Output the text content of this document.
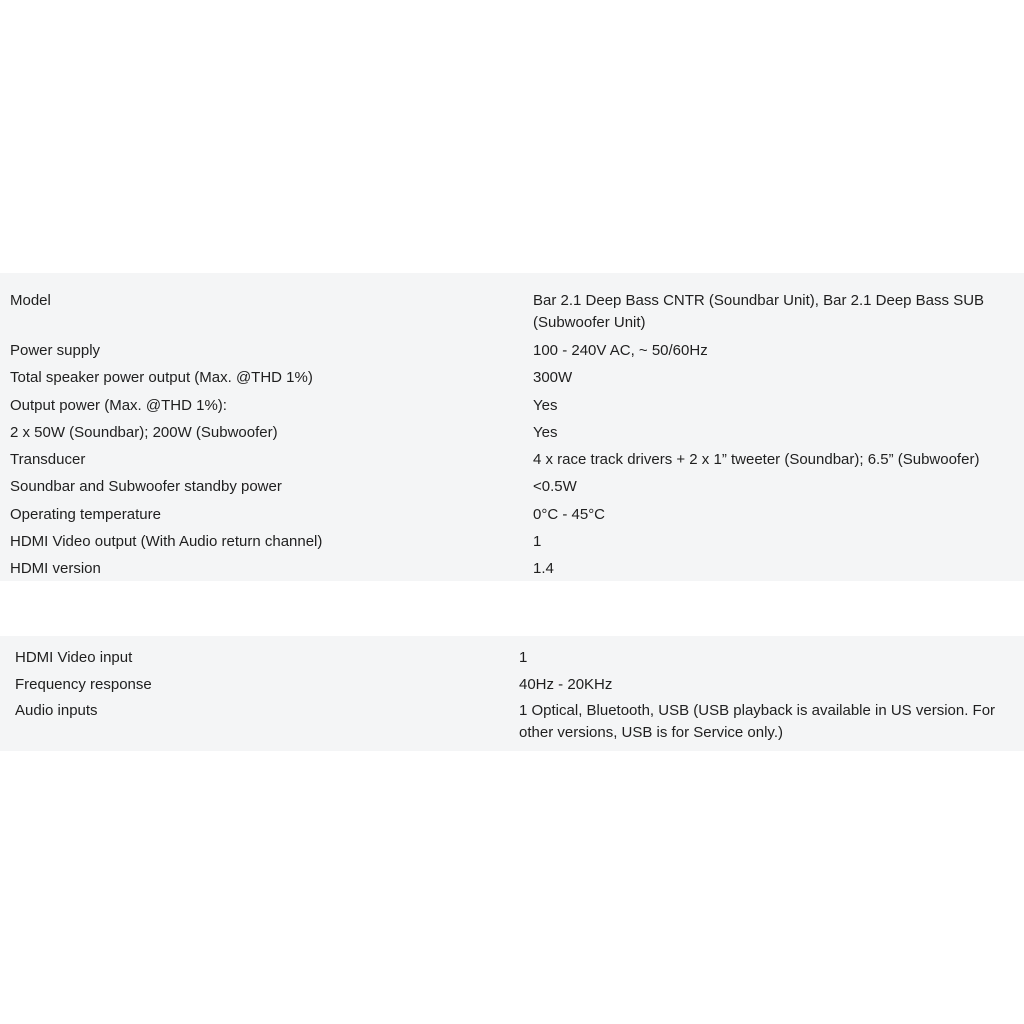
Model	Bar 2.1 Deep Bass CNTR (Soundbar Unit), Bar 2.1 Deep Bass SUB (Subwoofer Unit)
Power supply	100 - 240V AC, ~ 50/60Hz
Total speaker power output (Max. @THD 1%)	300W
Output power (Max. @THD 1%):	Yes
2 x 50W (Soundbar); 200W (Subwoofer)	Yes
Transducer	4 x race track drivers + 2 x 1” tweeter (Soundbar); 6.5” (Subwoofer)
Soundbar and Subwoofer standby power	<0.5W
Operating temperature	0°C - 45°C
HDMI Video output (With Audio return channel)	1
HDMI version	1.4
HDMI Video input	1
Frequency response	40Hz - 20KHz
Audio inputs	1 Optical, Bluetooth, USB (USB playback is available in US version. For other versions, USB is for Service only.)
